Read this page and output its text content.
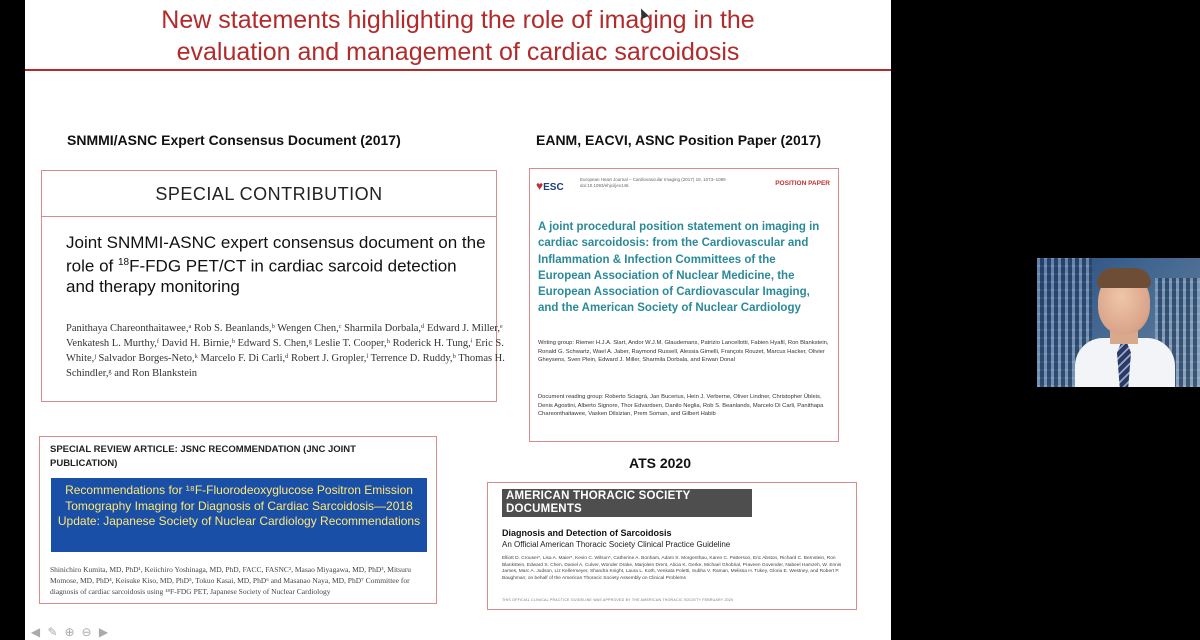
New statements highlighting the role of imaging in the
evaluation and management of cardiac sarcoidosis
SNMMI/ASNC Expert Consensus Document (2017)
SPECIAL CONTRIBUTION
Joint SNMMI-ASNC expert consensus document on the role of $^{18}$F-FDG PET/CT in cardiac sarcoid detection and therapy monitoring
Panithaya Chareonthaitawee,ᵃ Rob S. Beanlands,ᵇ Wengen Chen,ᶜ Sharmila Dorbala,ᵈ Edward J. Miller,ᵉ Venkatesh L. Murthy,ᶠ David H. Birnie,ᵇ Edward S. Chen,ᵍ Leslie T. Cooper,ʰ Roderick H. Tung,ⁱ Eric S. White,ʲ Salvador Borges-Neto,ᵏ Marcelo F. Di Carli,ᵈ Robert J. Gropler,ˡ Terrence D. Ruddy,ᵇ Thomas H. Schindler,ᵍ and Ron Blankstein
SPECIAL REVIEW ARTICLE: JSNC RECOMMENDATION (JNC JOINT PUBLICATION)
Recommendations for ¹⁸F-Fluorodeoxyglucose Positron Emission Tomography Imaging for Diagnosis of Cardiac Sarcoidosis—2018 Update: Japanese Society of Nuclear Cardiology Recommendations
Shinichiro Kumita, MD, PhD¹, Keiichiro Yoshinaga, MD, PhD, FACC, FASNC², Masao Miyagawa, MD, PhD³, Mitsuru Momose, MD, PhD⁴, Keisuke Kiso, MD, PhD⁵, Tokuo Kasai, MD, PhD⁶ and Masanao Naya, MD, PhD⁷ Committee for diagnosis of cardiac sarcoidosis using ¹⁸F-FDG PET, Japanese Society of Nuclear Cardiology
EANM, EACVI, ASNC Position Paper (2017)
♥ESC
European Heart Journal – Cardiovascular Imaging (2017) 18, 1073–1089 doi:10.1093/ehjci/jex146	POSITION PAPER
A joint procedural position statement on imaging in cardiac sarcoidosis: from the Cardiovascular and Inflammation & Infection Committees of the European Association of Nuclear Medicine, the European Association of Cardiovascular Imaging, and the American Society of Nuclear Cardiology
Writing group: Riemer H.J.A. Slart, Andor W.J.M. Glaudemans, Patrizio Lancellotti, Fabien Hyafil, Ron Blankstein, Ronald G. Schwartz, Wael A. Jaber, Raymond Russell, Alessia Gimelli, François Rouzet, Marcus Hacker, Olivier Gheysens, Sven Plein, Edward J. Miller, Sharmila Dorbala, and Erwan Donal
Document reading group: Roberto Sciagrà, Jan Bucerius, Hein J. Verberne, Oliver Lindner, Christopher Übleis, Denis Agostini, Alberto Signore, Thor Edvardsen, Danilo Neglia, Rob S. Beanlands, Marcelo Di Carli, Panithapa Chareonthaitawee, Vasken Dilsizian, Prem Soman, and Gilbert Habib
ATS 2020
AMERICAN THORACIC SOCIETY DOCUMENTS
Diagnosis and Detection of Sarcoidosis
An Official American Thoracic Society Clinical Practice Guideline
Elliott D. Crouser*, Lisa A. Maier*, Kevin C. Wilson*, Catherine A. Bonham, Adam S. Morgenthau, Karen C. Patterson, Eric Abston, Richard C. Bernstein, Ron Blankstein, Edward S. Chen, Daniel A. Culver, Wonder Drake, Marjolein Drent, Alicia K. Gerke, Michael Ghobrial, Praveen Govender, Nabeel Hamzeh, W. Ennis James, Marc A. Judson, Liz Kellermeyer, Shandra Knight, Laura L. Koth, Venkata Poletti, Subha V. Raman, Melissa H. Tukey, Gloria E. Westney, and Robert P. Baughman; on behalf of the American Thoracic Society Assembly on Clinical Problems
THIS OFFICIAL CLINICAL PRACTICE GUIDELINE WAS APPROVED BY THE AMERICAN THORACIC SOCIETY FEBRUARY 2020
◀ ✎ ⊕ ⊖ ▶
